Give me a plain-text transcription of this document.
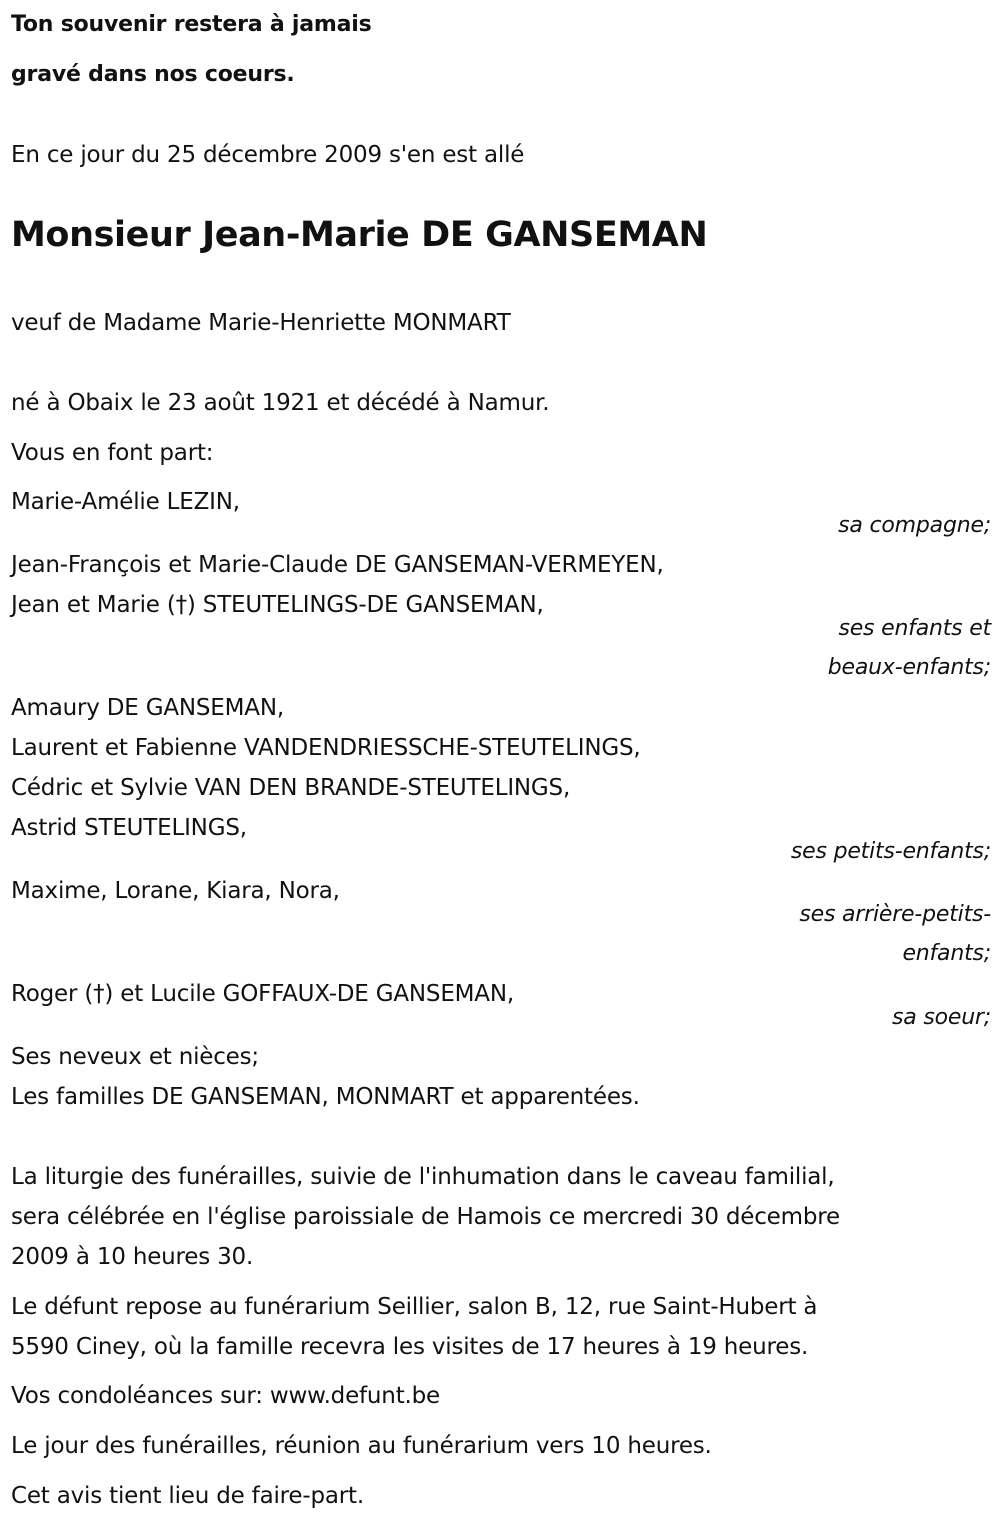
Ton souvenir restera à jamais
gravé dans nos coeurs.
En ce jour du 25 décembre 2009 s'en est allé
Monsieur Jean-Marie DE GANSEMAN
veuf de Madame Marie-Henriette MONMART
né à Obaix le 23 août 1921 et décédé à Namur.
Vous en font part:
Marie-Amélie LEZIN,
sa compagne;
Jean-François et Marie-Claude DE GANSEMAN-VERMEYEN,
Jean et Marie (†) STEUTELINGS-DE GANSEMAN,
ses enfants et
beaux-enfants;
Amaury DE GANSEMAN,
Laurent et Fabienne VANDENDRIESSCHE-STEUTELINGS,
Cédric et Sylvie VAN DEN BRANDE-STEUTELINGS,
Astrid STEUTELINGS,
ses petits-enfants;
Maxime, Lorane, Kiara, Nora,
ses arrière-petits-
enfants;
Roger (†) et Lucile GOFFAUX-DE GANSEMAN,
sa soeur;
Ses neveux et nièces;
Les familles DE GANSEMAN, MONMART et apparentées.
La liturgie des funérailles, suivie de l'inhumation dans le caveau familial,
sera célébrée en l'église paroissiale de Hamois ce mercredi 30 décembre
2009 à 10 heures 30.
Le défunt repose au funérarium Seillier, salon B, 12, rue Saint-Hubert à
5590 Ciney, où la famille recevra les visites de 17 heures à 19 heures.
Vos condoléances sur: www.defunt.be
Le jour des funérailles, réunion au funérarium vers 10 heures.
Cet avis tient lieu de faire-part.
